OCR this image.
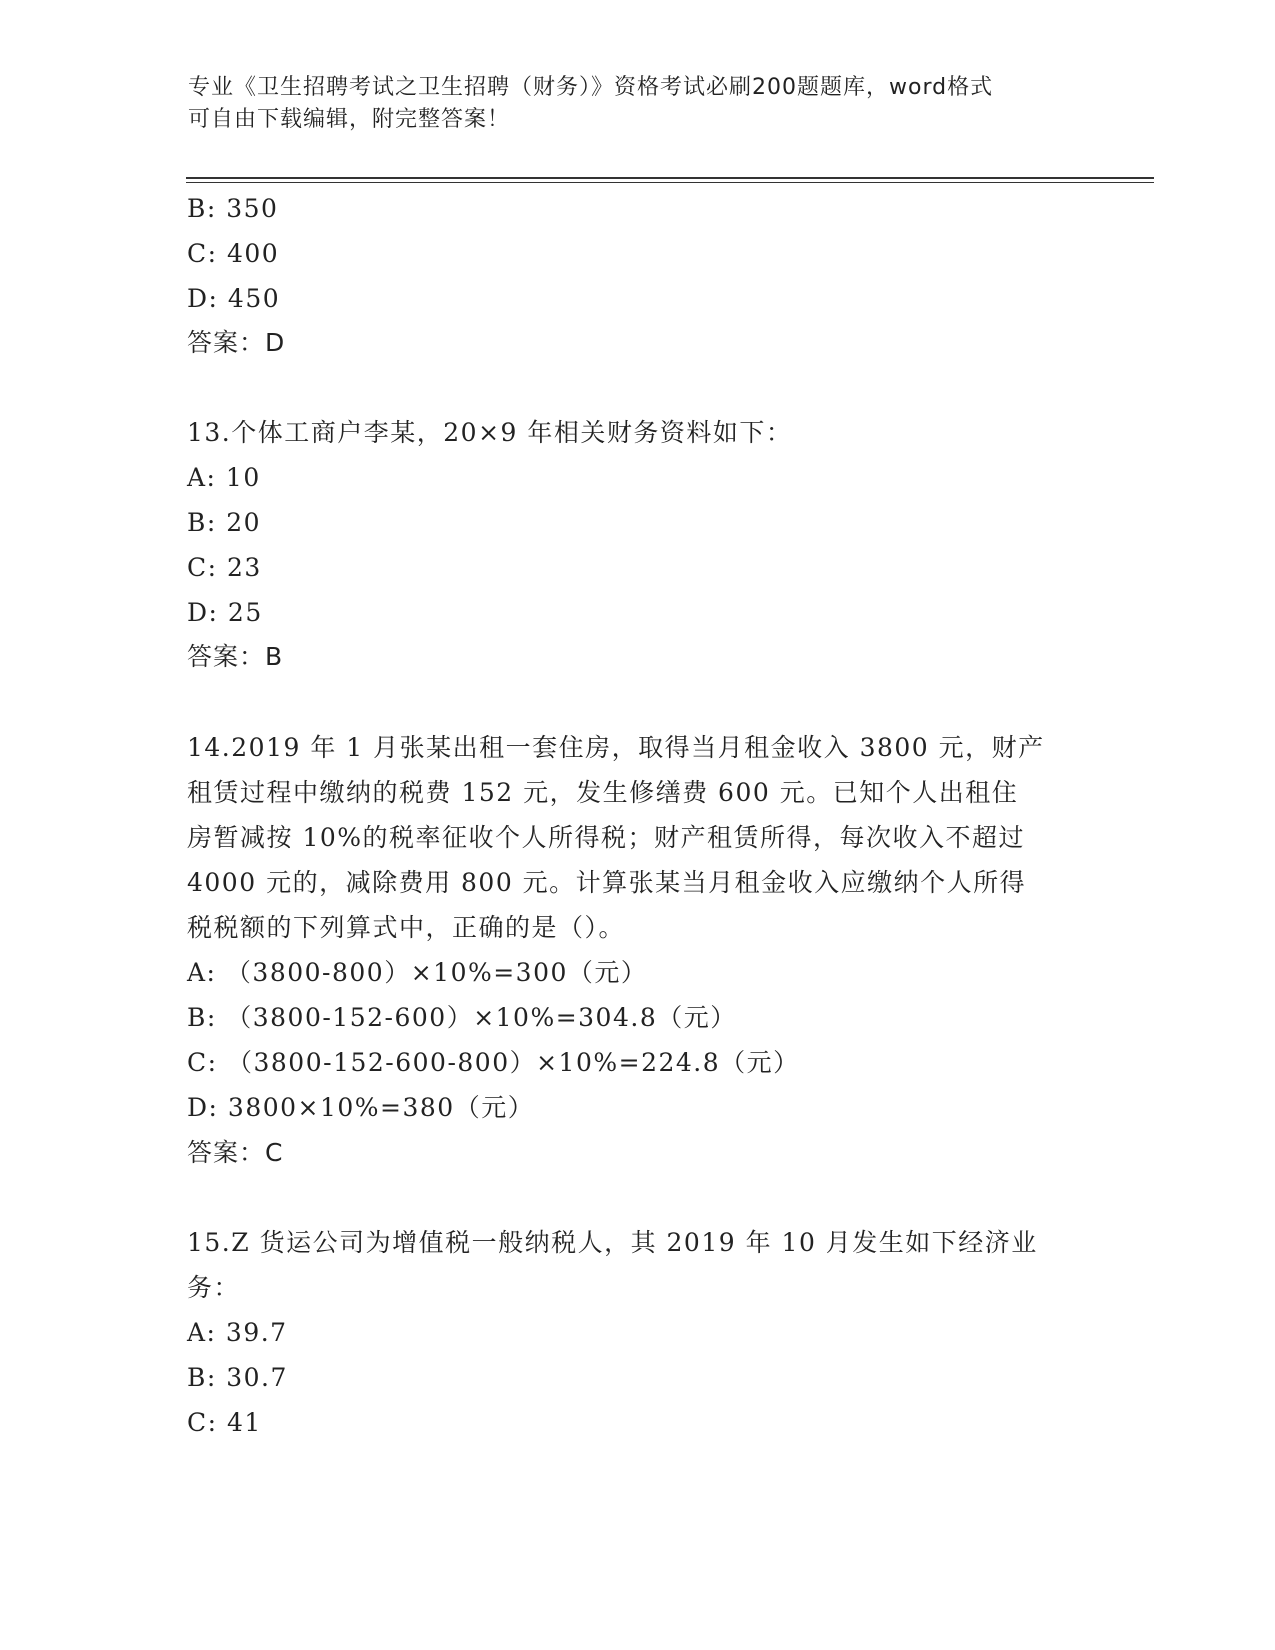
专业《卫生招聘考试之卫生招聘（财务）》资格考试必刷200题题库，word格式
可自由下载编辑，附完整答案！
B: 350
C: 400
D: 450
答案：D
13.个体工商户李某，20×9 年相关财务资料如下：
A: 10
B: 20
C: 23
D: 25
答案：B
14.2019 年 1 月张某出租一套住房，取得当月租金收入 3800 元，财产
租赁过程中缴纳的税费 152 元，发生修缮费 600 元。已知个人出租住
房暂减按 10%的税率征收个人所得税；财产租赁所得，每次收入不超过
4000 元的，减除费用 800 元。计算张某当月租金收入应缴纳个人所得
税税额的下列算式中，正确的是（）。
A: （3800-800）×10%=300（元）
B: （3800-152-600）×10%=304.8（元）
C: （3800-152-600-800）×10%=224.8（元）
D: 3800×10%=380（元）
答案：C
15.Z 货运公司为增值税一般纳税人，其 2019 年 10 月发生如下经济业
务：
A: 39.7
B: 30.7
C: 41
